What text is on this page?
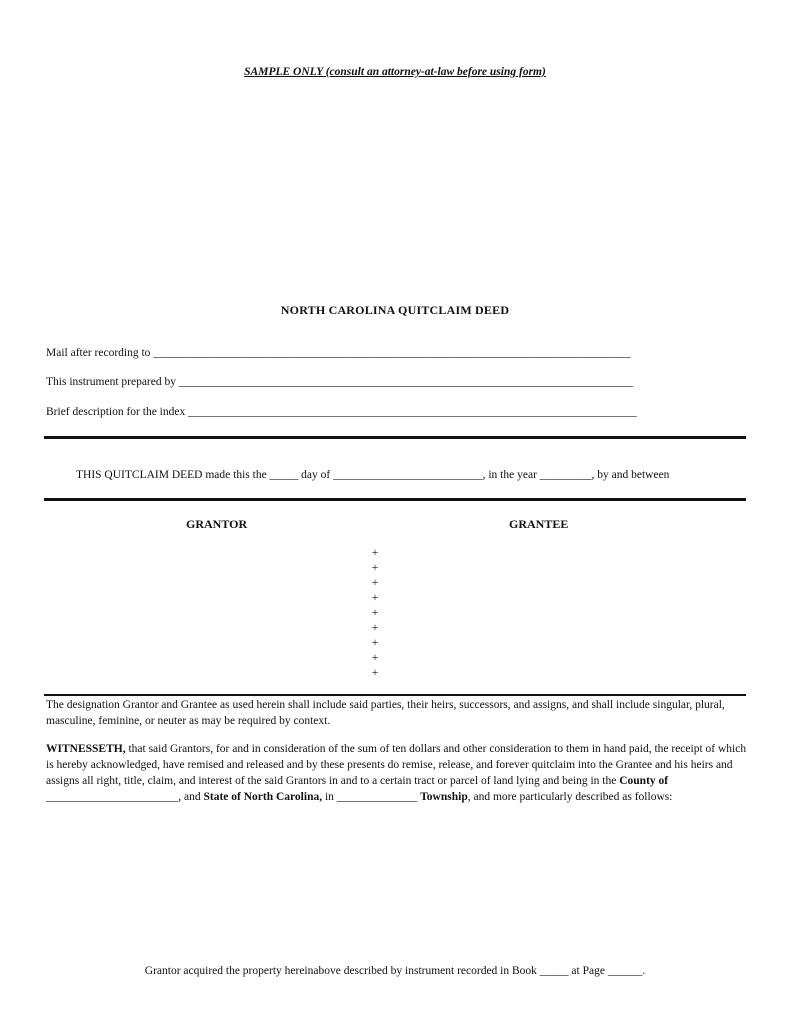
SAMPLE ONLY (consult an attorney-at-law before using form)
NORTH CAROLINA QUITCLAIM DEED
Mail after recording to ___________________________________________________________________________________
This instrument prepared by _______________________________________________________________________________
Brief description for the index ______________________________________________________________________________
THIS QUITCLAIM DEED made this the _____ day of __________________________, in the year _________, by and between
GRANTOR	GRANTEE
+
+
+
+
+
+
+
+
+
The designation Grantor and Grantee as used herein shall include said parties, their heirs, successors, and assigns, and shall include singular, plural, masculine, feminine, or neuter as may be required by context.
WITNESSETH, that said Grantors, for and in consideration of the sum of ten dollars and other consideration to them in hand paid, the receipt of which is hereby acknowledged, have remised and released and by these presents do remise, release, and forever quitclaim into the Grantee and his heirs and assigns all right, title, claim, and interest of the said Grantors in and to a certain tract or parcel of land lying and being in the County of _______________________, and State of North Carolina, in ______________ Township, and more particularly described as follows:
Grantor acquired the property hereinabove described by instrument recorded in Book _____ at Page ______.
